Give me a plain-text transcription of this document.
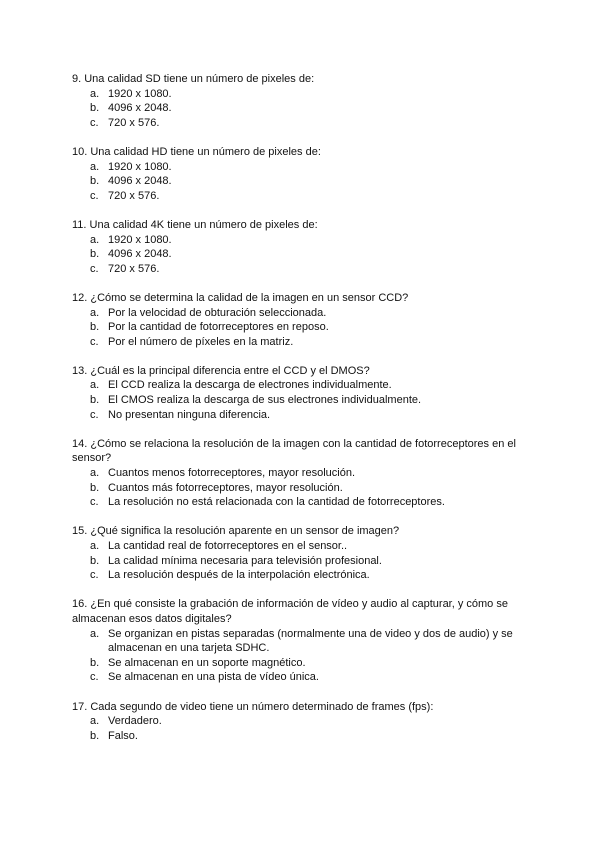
9. Una calidad SD tiene un número de pixeles de:
a. 1920 x 1080.
b. 4096 x 2048.
c. 720 x 576.
10. Una calidad HD tiene un número de pixeles de:
a. 1920 x 1080.
b. 4096 x 2048.
c. 720 x 576.
11. Una calidad 4K tiene un número de pixeles de:
a. 1920 x 1080.
b. 4096 x 2048.
c. 720 x 576.
12. ¿Cómo se determina la calidad de la imagen en un sensor CCD?
a. Por la velocidad de obturación seleccionada.
b. Por la cantidad de fotorreceptores en reposo.
c. Por el número de píxeles en la matriz.
13. ¿Cuál es la principal diferencia entre el CCD y el DMOS?
a. El CCD realiza la descarga de electrones individualmente.
b. El CMOS realiza la descarga de sus electrones individualmente.
c. No presentan ninguna diferencia.
14. ¿Cómo se relaciona la resolución de la imagen con la cantidad de fotorreceptores en el sensor?
a. Cuantos menos fotorreceptores, mayor resolución.
b. Cuantos más fotorreceptores, mayor resolución.
c. La resolución no está relacionada con la cantidad de fotorreceptores.
15. ¿Qué significa la resolución aparente en un sensor de imagen?
a. La cantidad real de fotorreceptores en el sensor..
b. La calidad mínima necesaria para televisión profesional.
c. La resolución después de la interpolación electrónica.
16. ¿En qué consiste la grabación de información de vídeo y audio al capturar, y cómo se almacenan esos datos digitales?
a. Se organizan en pistas separadas (normalmente una de video y dos de audio) y se almacenan en una tarjeta SDHC.
b. Se almacenan en un soporte magnético.
c. Se almacenan en una pista de vídeo única.
17. Cada segundo de video tiene un número determinado de frames (fps):
a. Verdadero.
b. Falso.
